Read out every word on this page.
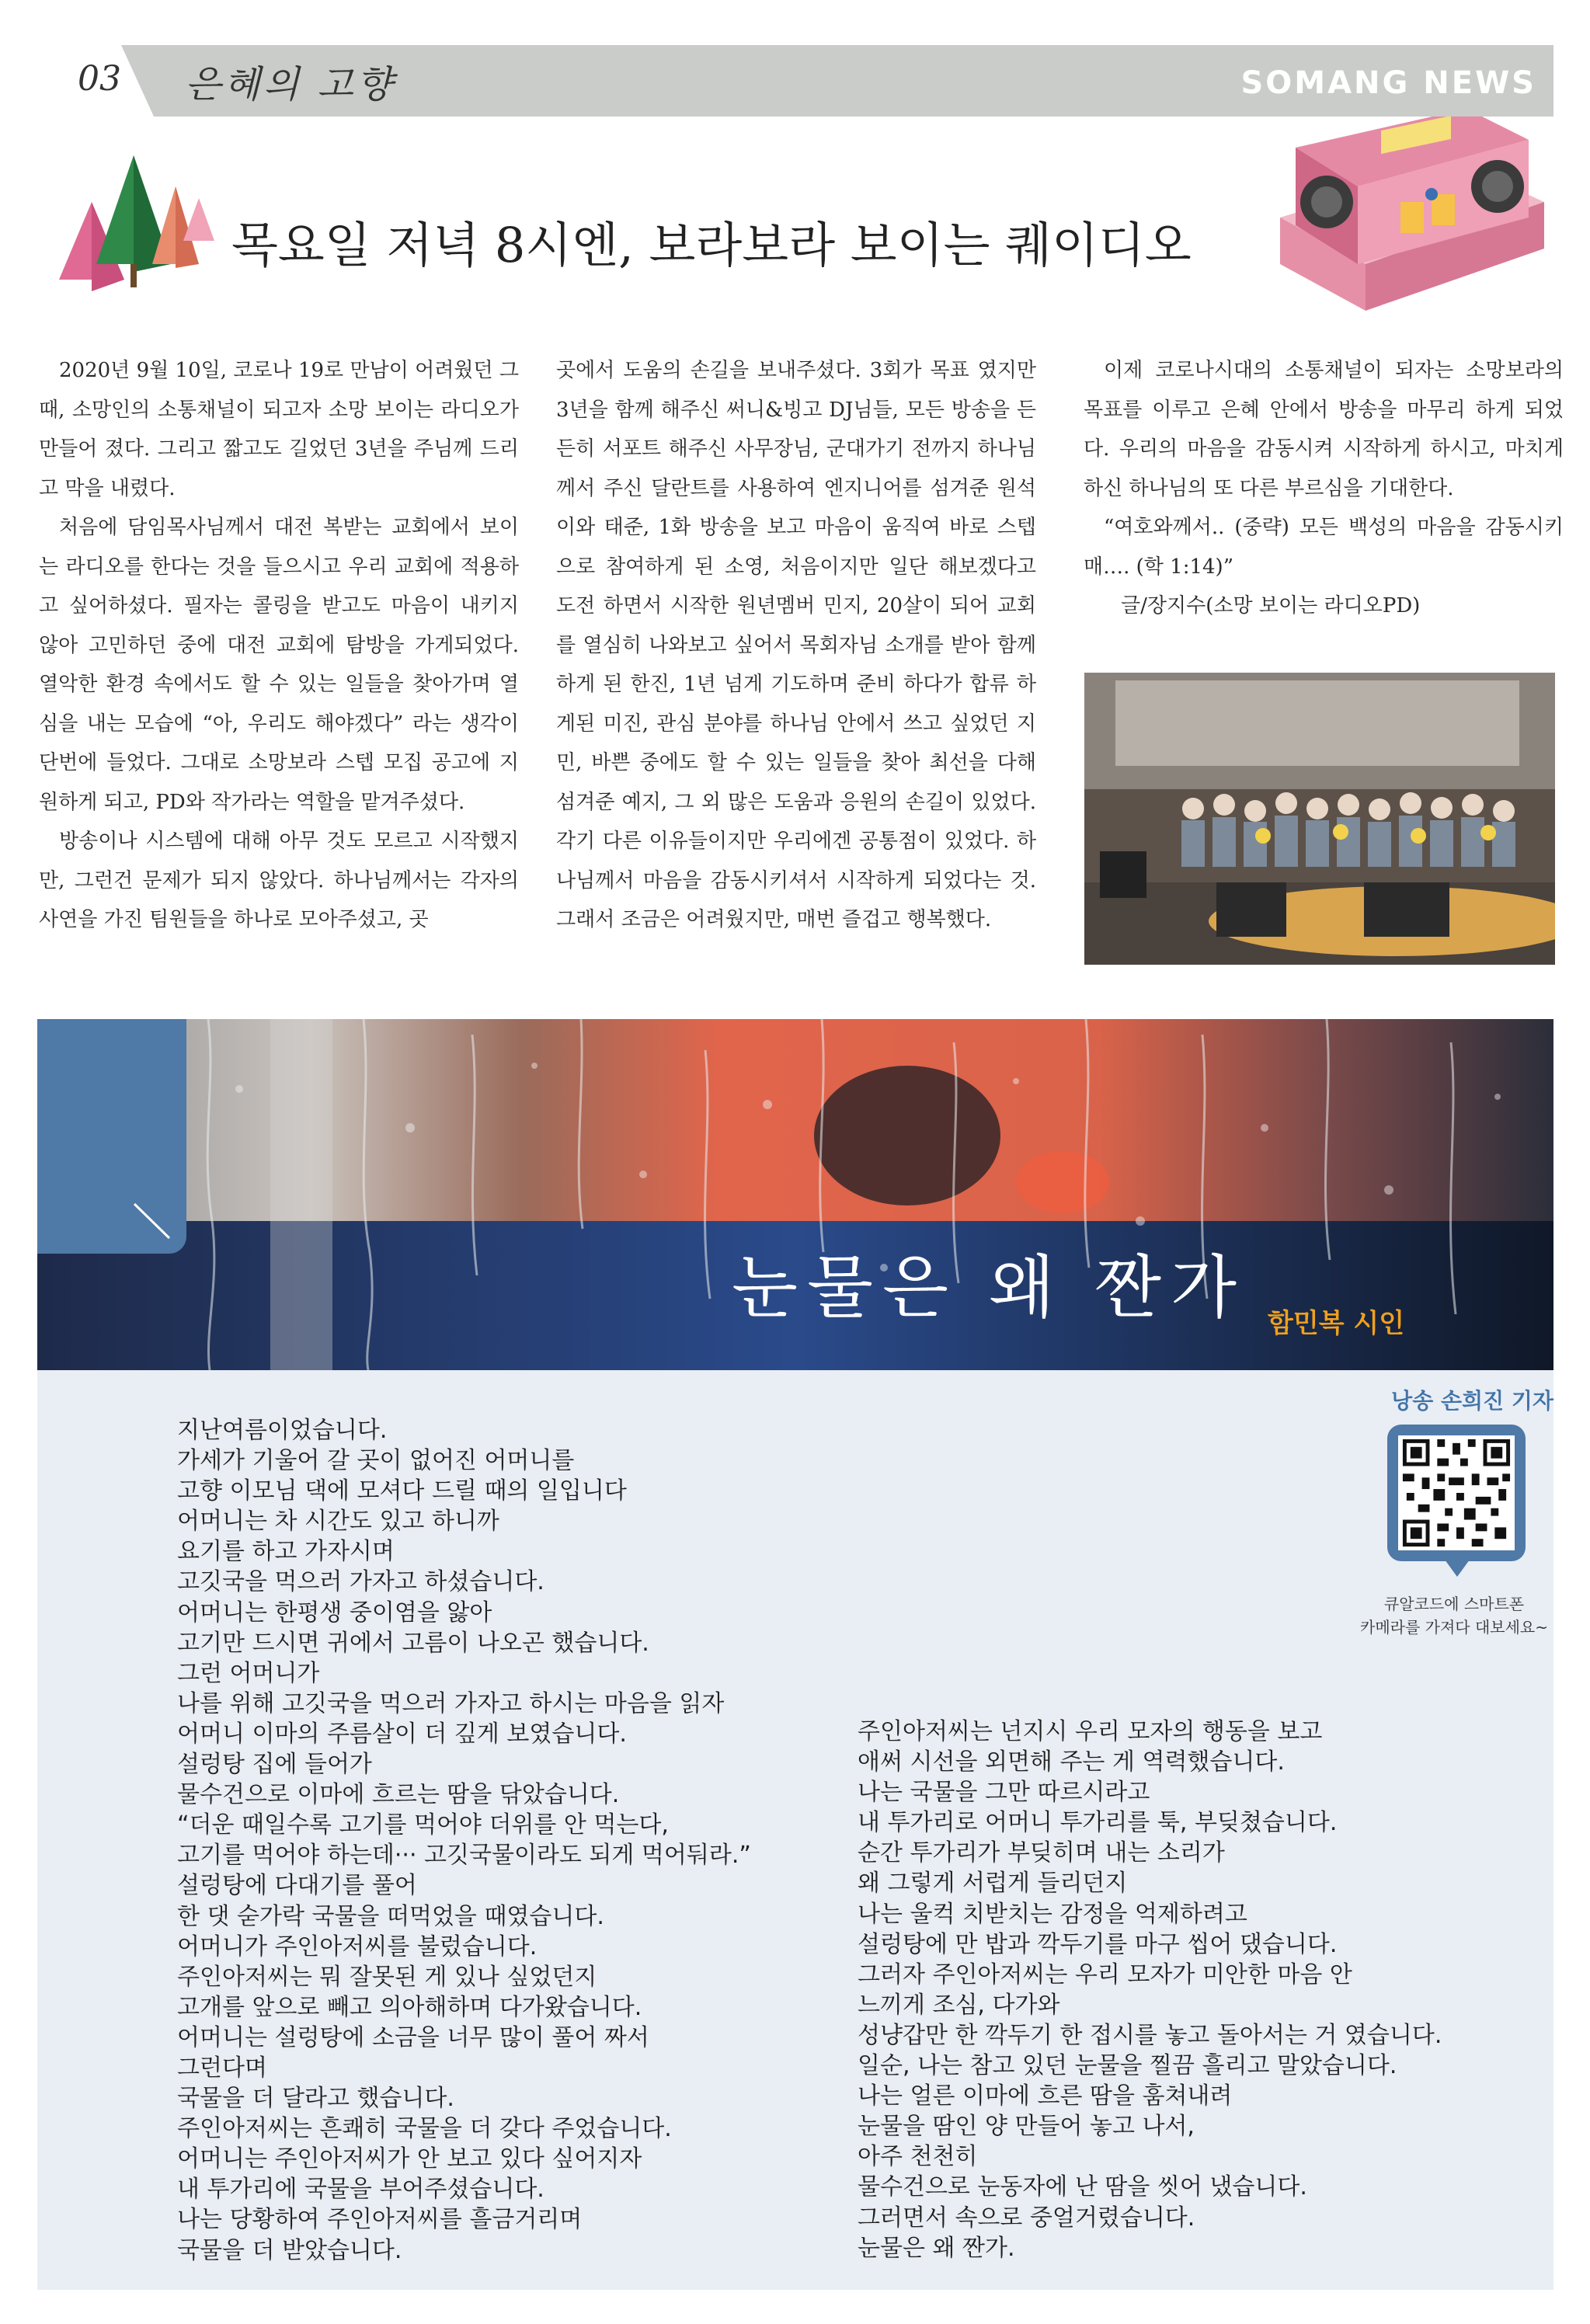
03 은혜의 고향	SOMANG NEWS
목요일 저녁 8시엔, 보라보라 보이는 퀘이디오

2020년 9월 10일, 코로나 19로 만남이 어려웠던 그 때, 소망인의 소통채널이 되고자 소망 보이는 라디오가 만들어 졌다. 그리고 짧고도 길었던 3년을 주님께 드리고 막을 내렸다.

처음에 담임목사님께서 대전 복받는 교회에서 보이는 라디오를 한다는 것을 들으시고 우리 교회에 적용하고 싶어하셨다. 필자는 콜링을 받고도 마음이 내키지 않아 고민하던 중에 대전 교회에 탐방을 가게되었다. 열악한 환경 속에서도 할 수 있는 일들을 찾아가며 열심을 내는 모습에 “아, 우리도 해야겠다” 라는 생각이 단번에 들었다. 그대로 소망보라 스텝 모집 공고에 지원하게 되고, PD와 작가라는 역할을 맡겨주셨다.

방송이나 시스템에 대해 아무 것도 모르고 시작했지만, 그런건 문제가 되지 않았다. 하나님께서는 각자의 사연을 가진 팀원들을 하나로 모아주셨고, 곳

곳에서 도움의 손길을 보내주셨다. 3회가 목표 였지만 3년을 함께 해주신 써니&빙고 DJ님들, 모든 방송을 든든히 서포트 해주신 사무장님, 군대가기 전까지 하나님께서 주신 달란트를 사용하여 엔지니어를 섬겨준 원석이와 태준, 1화 방송을 보고 마음이 움직여 바로 스텝으로 참여하게 된 소영, 처음이지만 일단 해보겠다고 도전 하면서 시작한 원년멤버 민지, 20살이 되어 교회를 열심히 나와보고 싶어서 목회자님 소개를 받아 함께하게 된 한진, 1년 넘게 기도하며 준비 하다가 합류 하게된 미진, 관심 분야를 하나님 안에서 쓰고 싶었던 지민, 바쁜 중에도 할 수 있는 일들을 찾아 최선을 다해 섬겨준 예지, 그 외 많은 도움과 응원의 손길이 있었다. 각기 다른 이유들이지만 우리에겐 공통점이 있었다. 하나님께서 마음을 감동시키셔서 시작하게 되었다는 것. 그래서 조금은 어려웠지만, 매번 즐겁고 행복했다.

이제 코로나시대의 소통채널이 되자는 소망보라의 목표를 이루고 은혜 안에서 방송을 마무리 하게 되었다. 우리의 마음을 감동시켜 시작하게 하시고, 마치게 하신 하나님의 또 다른 부르심을 기대한다.

“여호와께서.. (중략) 모든 백성의 마음을 감동시키매…. (학 1:14)”

글/장지수(소망 보이는 라디오PD)

삶이
들리는
샘
눈물은 왜 짠가 함민복 시인
낭송 손희진 기자
큐알코드에 스마트폰
카메라를 가져다 대보세요~
지난여름이었습니다.
가세가 기울어 갈 곳이 없어진 어머니를
고향 이모님 댁에 모셔다 드릴 때의 일입니다
어머니는 차 시간도 있고 하니까
요기를 하고 가자시며
고깃국을 먹으러 가자고 하셨습니다.
어머니는 한평생 중이염을 앓아
고기만 드시면 귀에서 고름이 나오곤 했습니다.
그런 어머니가
나를 위해 고깃국을 먹으러 가자고 하시는 마음을 읽자
어머니 이마의 주름살이 더 깊게 보였습니다.
설렁탕 집에 들어가
물수건으로 이마에 흐르는 땀을 닦았습니다.
“더운 때일수록 고기를 먹어야 더위를 안 먹는다,
고기를 먹어야 하는데··· 고깃국물이라도 되게 먹어둬라.”
설렁탕에 다대기를 풀어
한 댓 숟가락 국물을 떠먹었을 때였습니다.
어머니가 주인아저씨를 불렀습니다.
주인아저씨는 뭐 잘못된 게 있나 싶었던지
고개를 앞으로 빼고 의아해하며 다가왔습니다.
어머니는 설렁탕에 소금을 너무 많이 풀어 짜서
그런다며
국물을 더 달라고 했습니다.
주인아저씨는 흔쾌히 국물을 더 갖다 주었습니다.
어머니는 주인아저씨가 안 보고 있다 싶어지자
내 투가리에 국물을 부어주셨습니다.
나는 당황하여 주인아저씨를 흘금거리며
국물을 더 받았습니다.
주인아저씨는 넌지시 우리 모자의 행동을 보고
애써 시선을 외면해 주는 게 역력했습니다.
나는 국물을 그만 따르시라고
내 투가리로 어머니 투가리를 툭, 부딪쳤습니다.
순간 투가리가 부딪히며 내는 소리가
왜 그렇게 서럽게 들리던지
나는 울컥 치받치는 감정을 억제하려고
설렁탕에 만 밥과 깍두기를 마구 씹어 댔습니다.
그러자 주인아저씨는 우리 모자가 미안한 마음 안
느끼게 조심, 다가와
성냥갑만 한 깍두기 한 접시를 놓고 돌아서는 거 였습니다.
일순, 나는 참고 있던 눈물을 찔끔 흘리고 말았습니다.
나는 얼른 이마에 흐른 땀을 훔쳐내려
눈물을 땀인 양 만들어 놓고 나서,
아주 천천히
물수건으로 눈동자에 난 땀을 씻어 냈습니다.
그러면서 속으로 중얼거렸습니다.
눈물은 왜 짠가.
